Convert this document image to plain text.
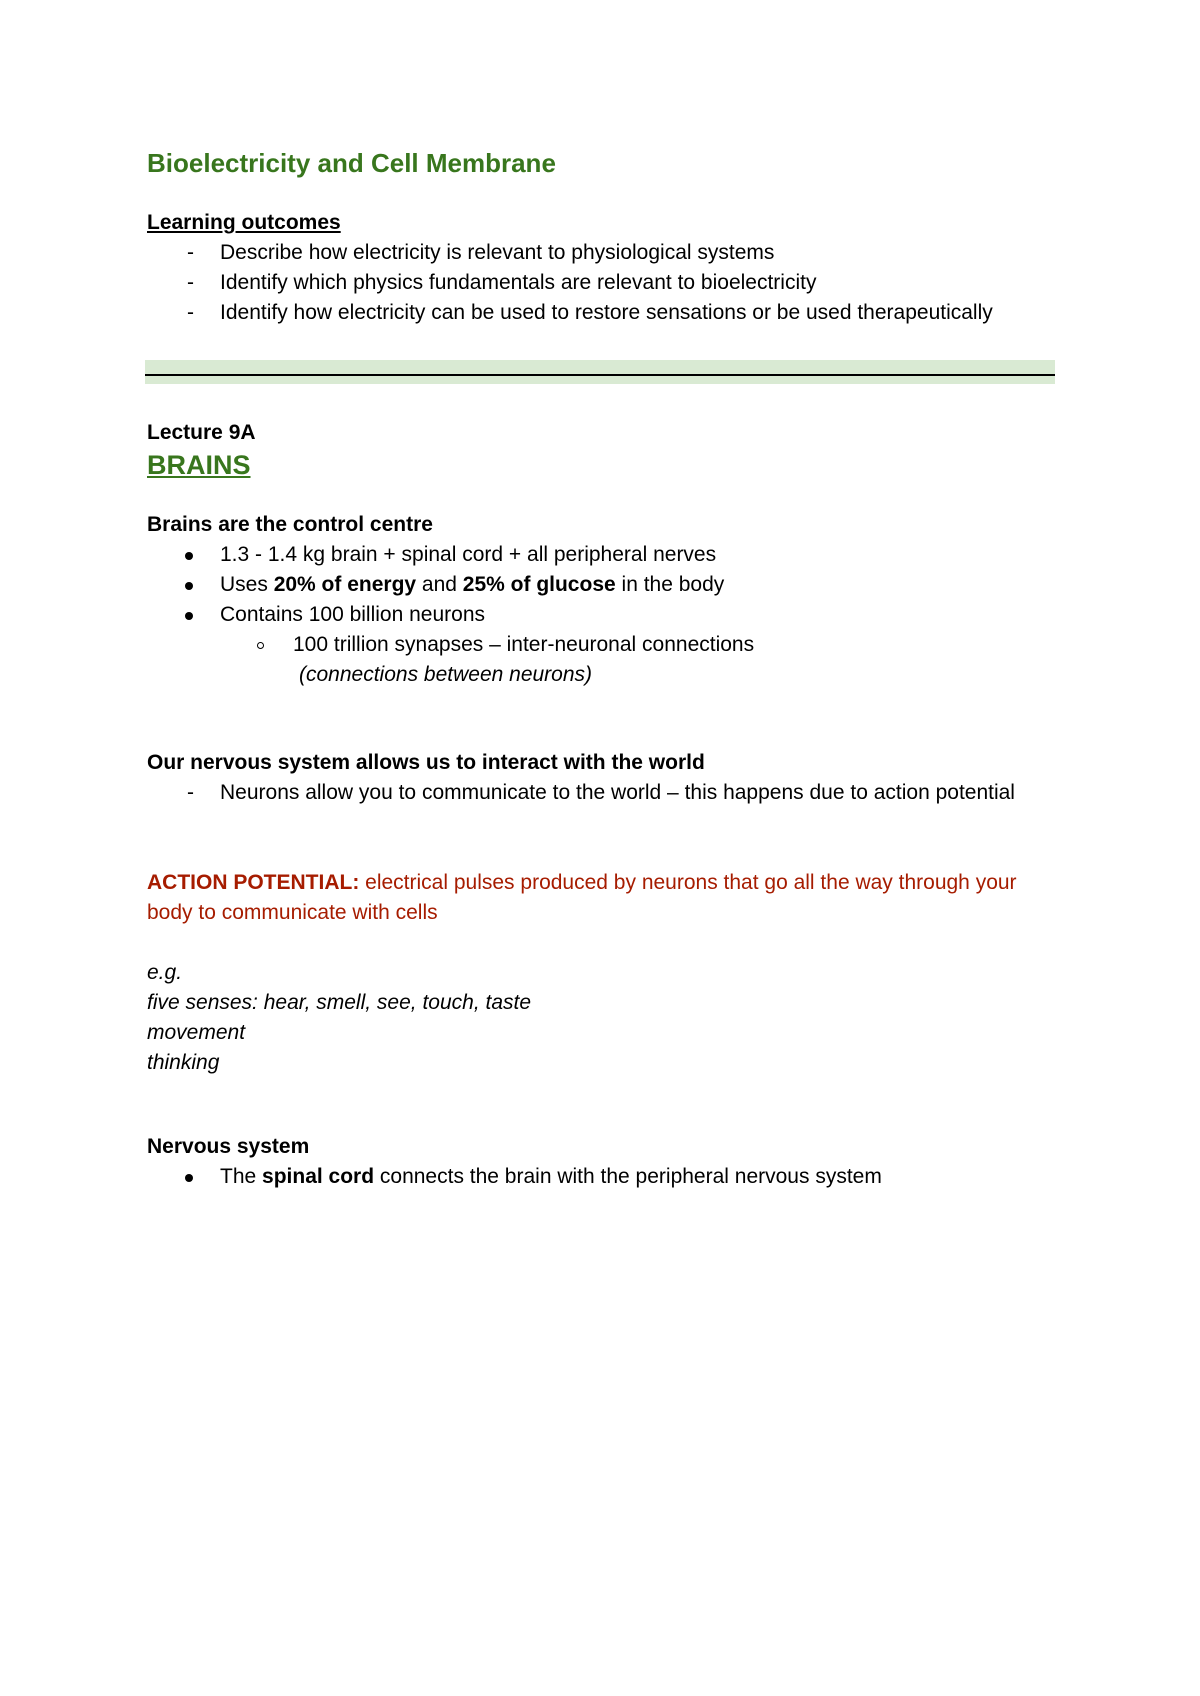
Bioelectricity and Cell Membrane
Learning outcomes
- Describe how electricity is relevant to physiological systems
- Identify which physics fundamentals are relevant to bioelectricity
- Identify how electricity can be used to restore sensations or be used therapeutically
Lecture 9A
BRAINS
Brains are the control centre
1.3 - 1.4 kg brain + spinal cord + all peripheral nerves
Uses 20% of energy and 25% of glucose in the body
Contains 100 billion neurons
100 trillion synapses – inter-neuronal connections
(connections between neurons)
Our nervous system allows us to interact with the world
- Neurons allow you to communicate to the world – this happens due to action potential

ACTION POTENTIAL: electrical pulses produced by neurons that go all the way through your body to communicate with cells

e.g.
five senses: hear, smell, see, touch, taste
movement
thinking
Nervous system
The spinal cord connects the brain with the peripheral nervous system
